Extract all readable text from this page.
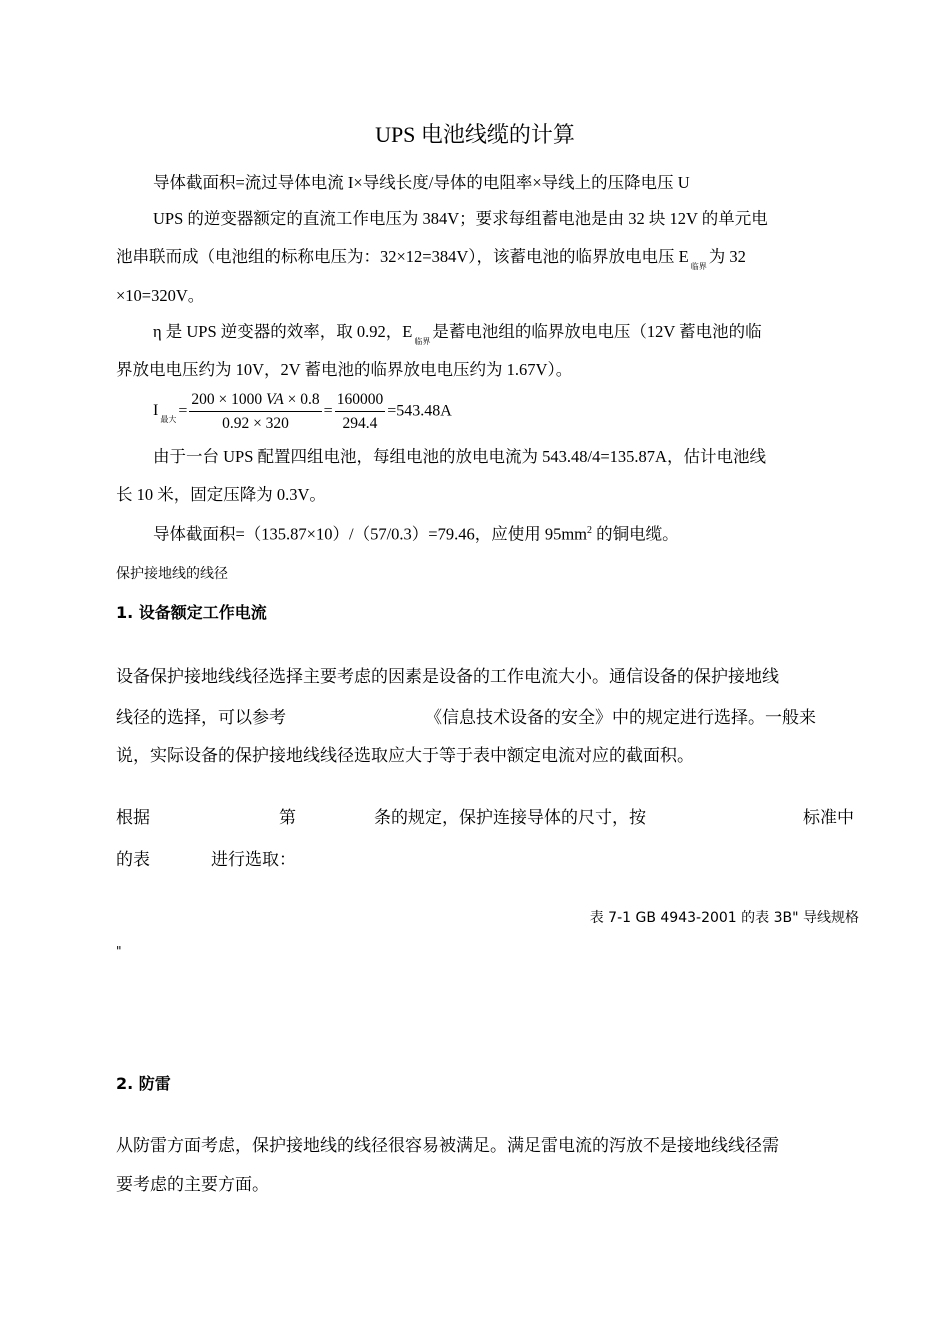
UPS 电池线缆的计算
导体截面积=流过导体电流 I×导线长度/导体的电阻率×导线上的压降电压 U
UPS 的逆变器额定的直流工作电压为 384V；要求每组蓄电池是由 32 块 12V 的单元电
池串联而成（电池组的标称电压为：32×12=384V），该蓄电池的临界放电电压 $E_{临界}$为 32
×10=320V。
η 是 UPS 逆变器的效率，取 0.92，$E_{临界}$是蓄电池组的临界放电电压（12V 蓄电池的临
界放电电压约为 10V，2V 蓄电池的临界放电电压约为 1.67V）。
$I_{最大} = \frac{200 \times 1000 VA \times 0.8}{0.92 \times 320} = \frac{160000}{294.4} =543.48A$
由于一台 UPS 配置四组电池，每组电池的放电电流为 543.48/4=135.87A，估计电池线
长 10 米，固定压降为 0.3V。
导体截面积=（135.87×10）/（57/0.3）=79.46，应使用 $95mm^2$ 的铜电缆。
保护接地线的线径
1. 设备额定工作电流
设备保护接地线线径选择主要考虑的因素是设备的工作电流大小。通信设备的保护接地线
线径的选择，可以参考	《信息技术设备的安全》中的规定进行选择。一般来
说，实际设备的保护接地线线径选取应大于等于表中额定电流对应的截面积。
根据	第	条的规定，保护连接导体的尺寸，按	标准中
的表	进行选取：
表 7-1 GB 4943-2001 的表 3B" 导线规格
"
2. 防雷
从防雷方面考虑，保护接地线的线径很容易被满足。满足雷电流的泻放不是接地线线径需
要考虑的主要方面。
